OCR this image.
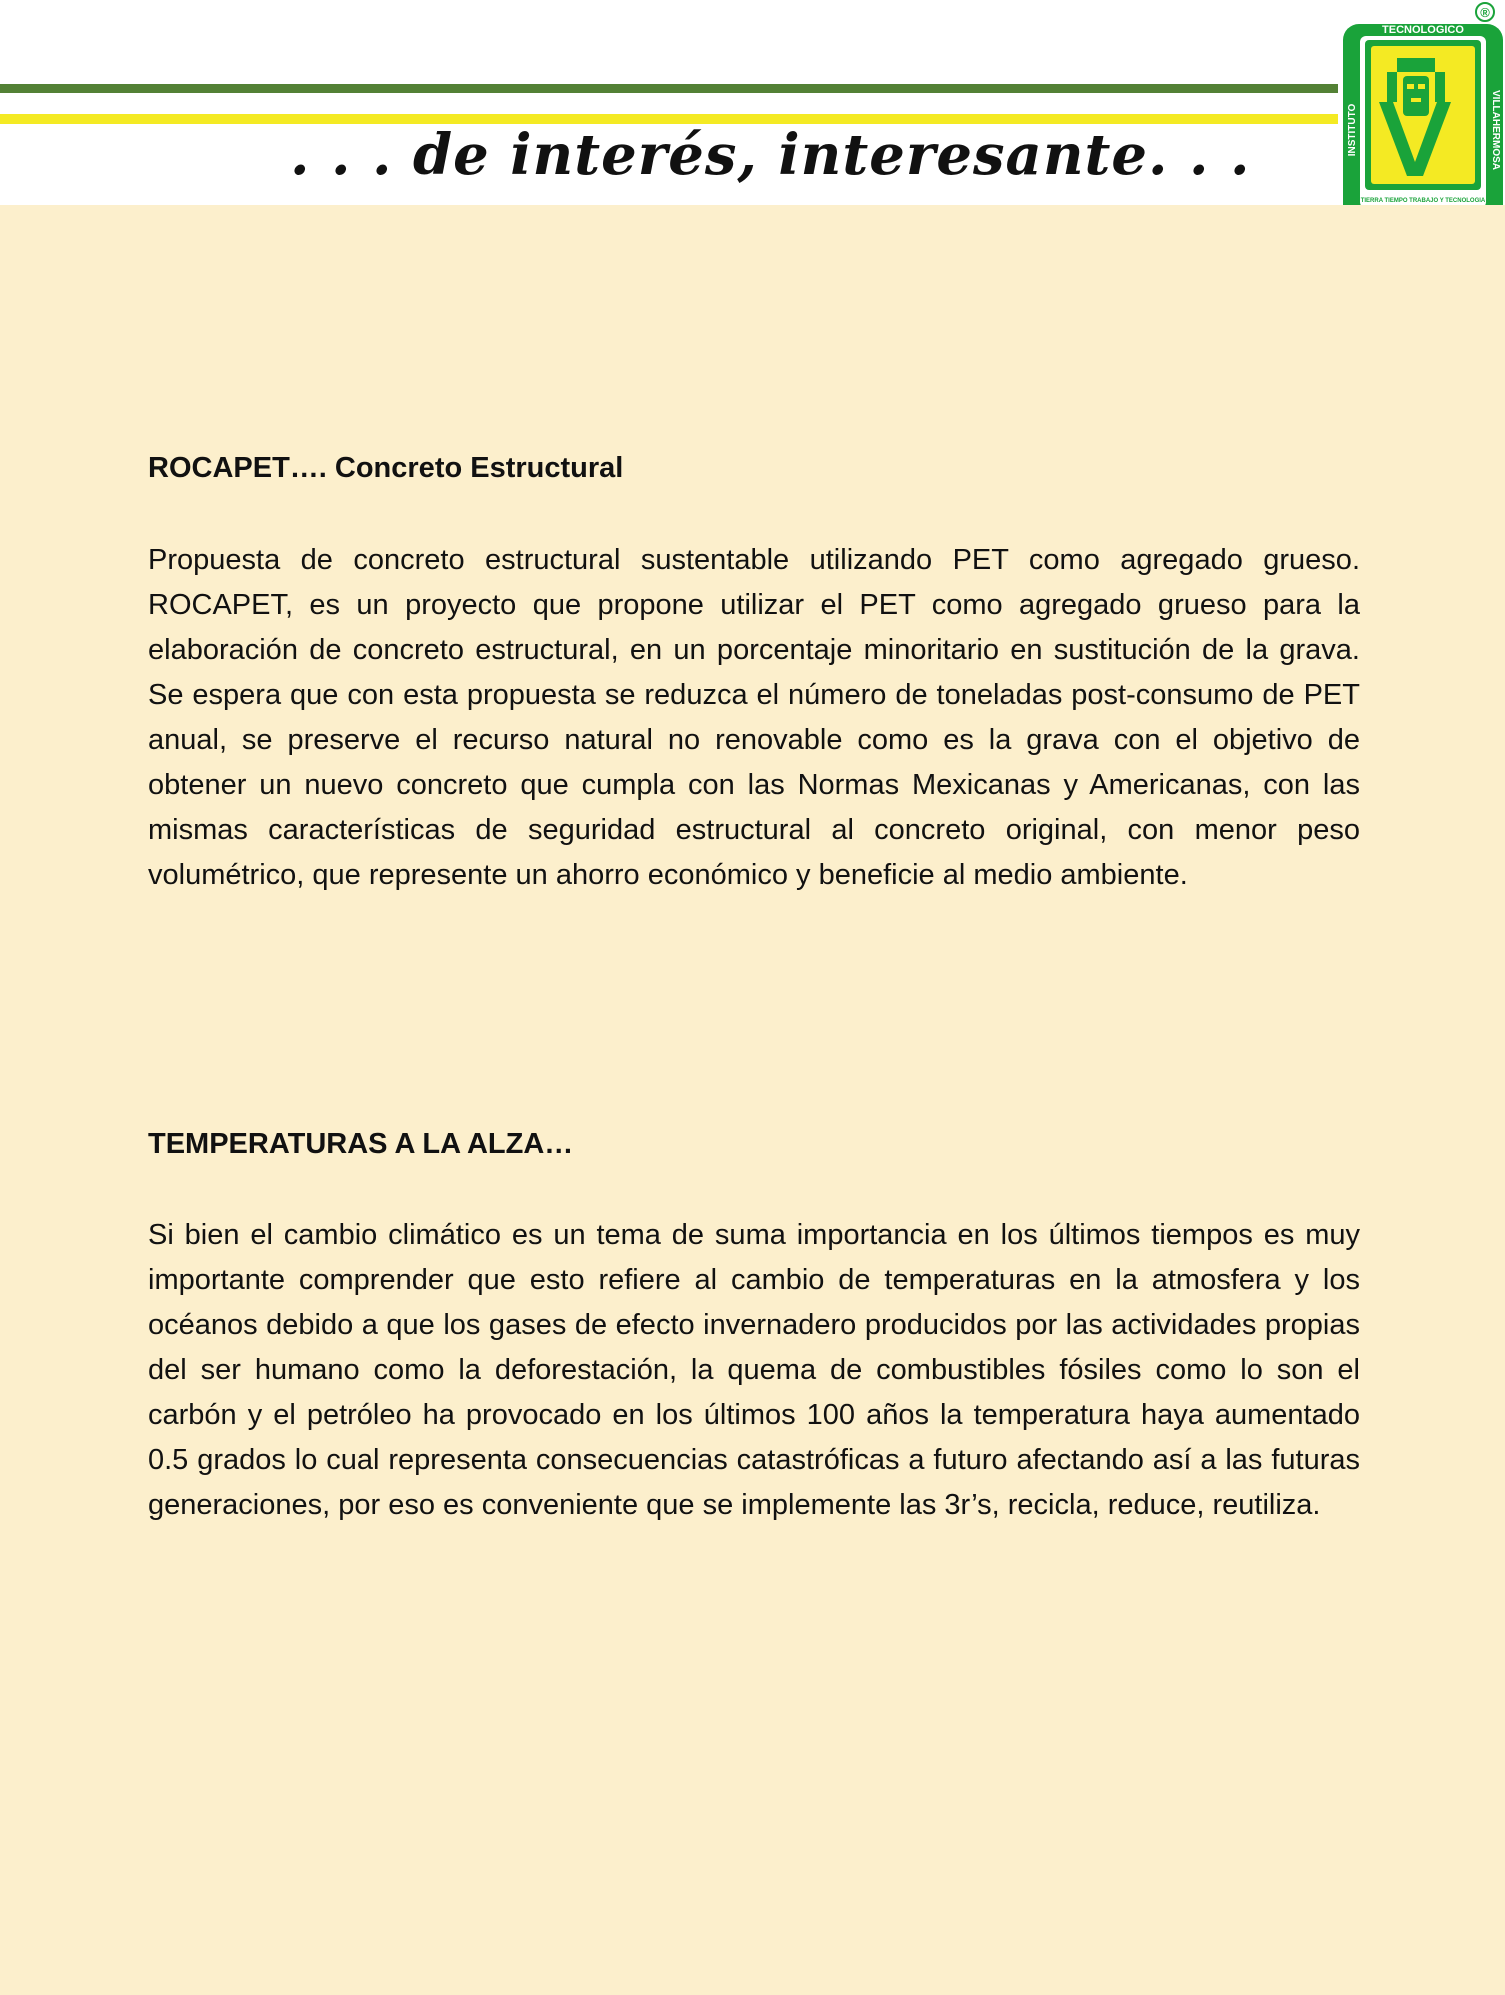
. . . de interés, interesante. . .
®
TECNOLOGICO
INSTITUTO	VILLAHERMOSA
TIERRA TIEMPO TRABAJO Y TECNOLOGIA
ROCAPET…. Concreto Estructural

Propuesta de concreto estructural sustentable utilizando PET como agregado grueso. ROCAPET, es un proyecto que propone utilizar el PET como agregado grueso para la elaboración de concreto estructural, en un porcentaje minoritario en sustitución de la grava. Se espera que con esta propuesta se reduzca el número de toneladas post-consumo de PET anual, se preserve el recurso natural no renovable como es la grava con el objetivo de obtener un nuevo concreto que cumpla con las Normas Mexicanas y Americanas, con las mismas características de seguridad estructural al concreto original, con menor peso volumétrico, que represente un ahorro económico y beneficie al medio ambiente.

TEMPERATURAS A LA ALZA…

Si bien el cambio climático es un tema de suma importancia en los últimos tiempos es muy importante comprender que esto refiere al cambio de temperaturas en la atmosfera y los océanos debido a que los gases de efecto invernadero producidos por las actividades propias del ser humano como la deforestación, la quema de combustibles fósiles como lo son el carbón y el petróleo ha provocado en los últimos 100 años la temperatura haya aumentado 0.5 grados lo cual representa consecuencias catastróficas a futuro afectando así a las futuras generaciones, por eso es conveniente que se implemente las 3r’s, recicla, reduce, reutiliza.
